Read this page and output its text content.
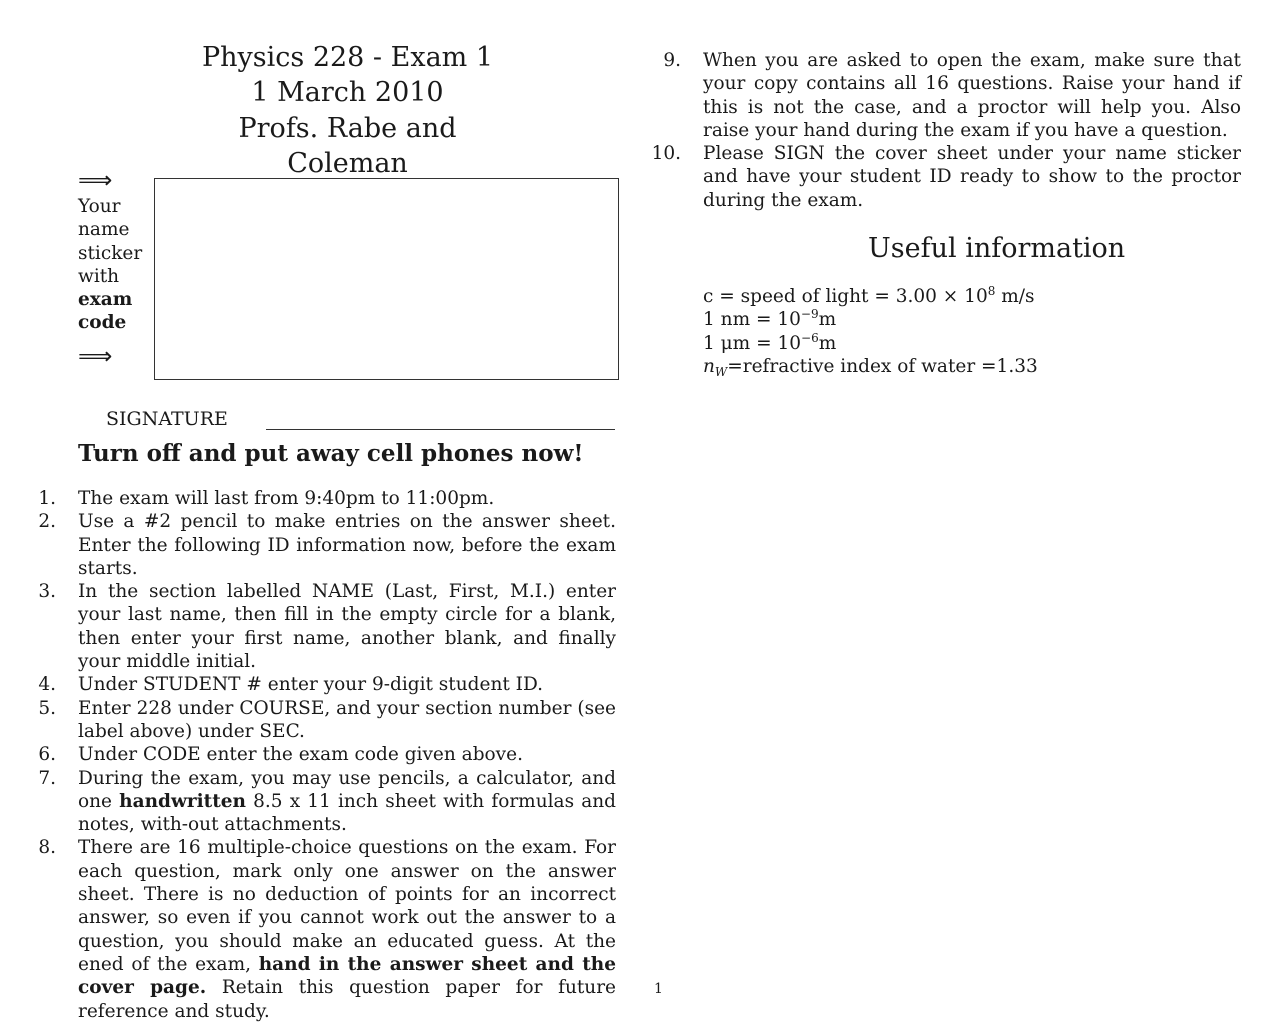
Physics 228 - Exam 1
1 March 2010
Profs. Rabe and Coleman
⟹
Your
name
sticker
with
exam
code
⟹
SIGNATURE
Turn off and put away cell phones now!
1. The exam will last from 9:40pm to 11:00pm.
2. Use a #2 pencil to make entries on the answer sheet. Enter the following ID information now, before the exam starts.
3. In the section labelled NAME (Last, First, M.I.) enter your last name, then fill in the empty circle for a blank, then enter your first name, another blank, and finally your middle initial.
4. Under STUDENT # enter your 9-digit student ID.
5. Enter 228 under COURSE, and your section number (see label above) under SEC.
6. Under CODE enter the exam code given above.
7. During the exam, you may use pencils, a calculator, and one handwritten 8.5 x 11 inch sheet with formulas and notes, with-out attachments.
8. There are 16 multiple-choice questions on the exam. For each question, mark only one answer on the answer sheet. There is no deduction of points for an incorrect answer, so even if you cannot work out the answer to a question, you should make an educated guess. At the ened of the exam, hand in the answer sheet and the cover page. Retain this question paper for future reference and study.
9. When you are asked to open the exam, make sure that your copy contains all 16 questions. Raise your hand if this is not the case, and a proctor will help you. Also raise your hand during the exam if you have a question.
10. Please SIGN the cover sheet under your name sticker and have your student ID ready to show to the proctor during the exam.
Useful information
c = speed of light = $3.00 \times 10^8$ m/s
1 nm = $10^{-9}m$
1 $\mu m = 10^{-6}m$
$n_W=refractive$ index of water =1.33
1
